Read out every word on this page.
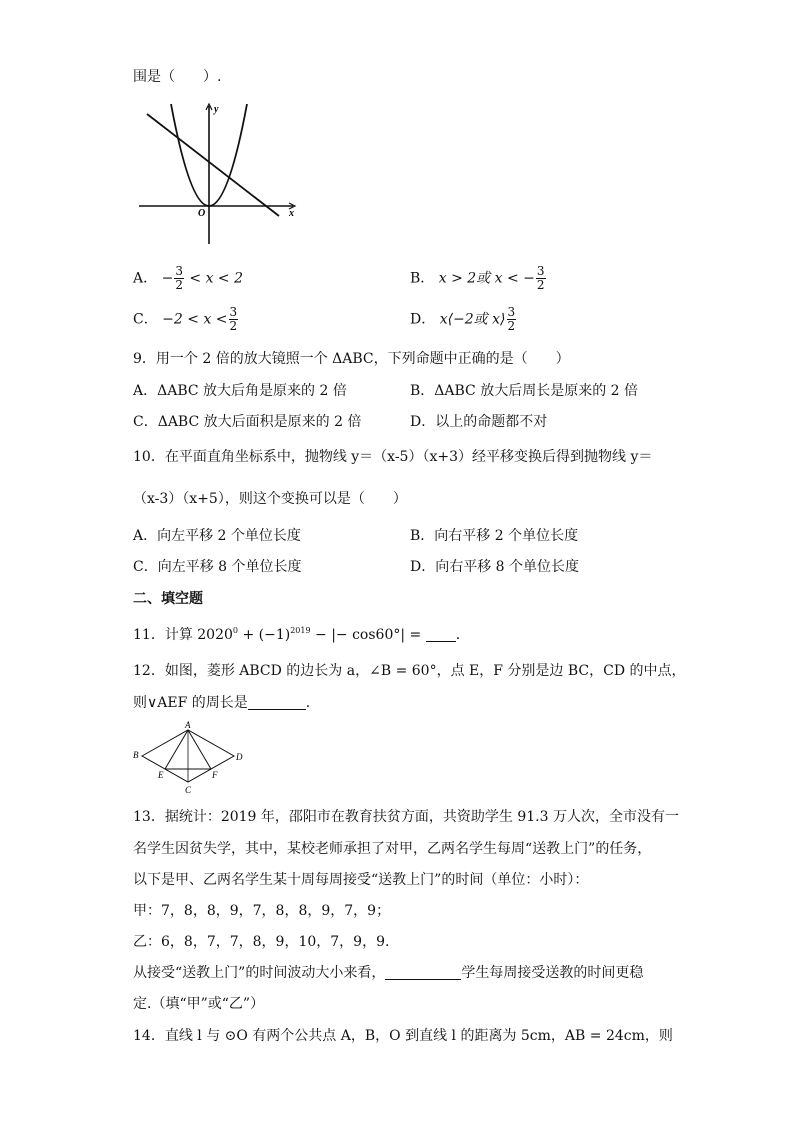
围是（　　）.
y
x
O
A． − $\frac{3}{2} < x < 2$	B． x > 2或 x < − $\frac{3}{2}$
C． $-2 < x < \frac{3}{2}$	D． x⟨−2或 x⟩ $\frac{3}{2}$
9．用一个 2 倍的放大镜照一个 ΔABC，下列命题中正确的是（　　）
A．ΔABC 放大后角是原来的 2 倍	B．ΔABC 放大后周长是原来的 2 倍
C．ΔABC 放大后面积是原来的 2 倍	D．以上的命题都不对
10．在平面直角坐标系中，抛物线 y＝（x-5）（x+3）经平移变换后得到抛物线 y＝
（x-3）（x+5），则这个变换可以是（　　）
A．向左平移 2 个单位长度	B．向右平移 2 个单位长度
C．向左平移 8 个单位长度	D．向右平移 8 个单位长度
二、填空题
11．计算 $2020^0 + (-1)^{2019}$ − |− cos60°| = .
12．如图，菱形 ABCD 的边长为 a，∠B = 60°，点 E，F 分别是边 BC，CD 的中点，
则∨AEF 的周长是	.
A
B
C
D
E	F
13．据统计：2019 年，邵阳市在教育扶贫方面，共资助学生 91.3 万人次，全市没有一
名学生因贫失学，其中，某校老师承担了对甲，乙两名学生每周“送教上门”的任务，
以下是甲、乙两名学生某十周每周接受“送教上门”的时间（单位：小时）：
甲：7，8，8，9，7，8，8，9，7，9；
乙：6，8，7，7，8，9，10，7，9，9.
从接受“送教上门”的时间波动大小来看，	学生每周接受送教的时间更稳
定.（填“甲”或“乙”）
14．直线 l 与 ⊙O 有两个公共点 A，B，O 到直线 l 的距离为 5cm，AB = 24cm，则
